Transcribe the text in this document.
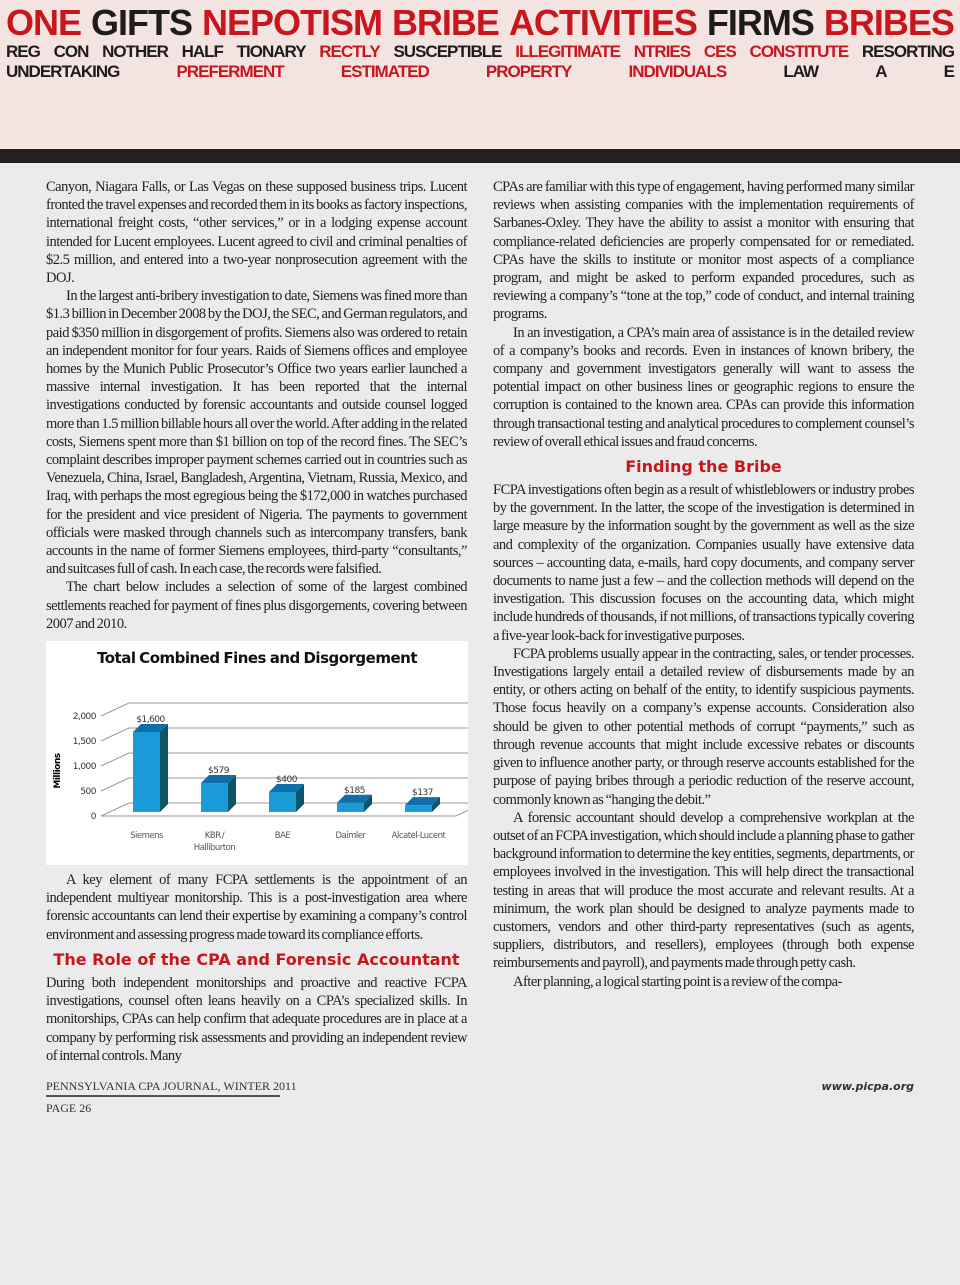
ONE GIFTS NEPOTISM BRIBE ACTIVITIES FIRMS BRIBES
REG CON NOTHER HALF TIONARY RECTLY SUSCEPTIBLE ILLEGITIMATE NTRIES CES CONSTITUTE RESORTING
UNDERTAKING	PREFERMENT	ESTIMATED	PROPERTY	INDIVIDUALS	LAW	A	E

Canyon, Niagara Falls, or Las Vegas on these supposed business trips. Lucent fronted the travel expenses and recorded them in its books as factory inspections, international freight costs, “other services,” or in a lodging expense account intended for Lucent employees. Lucent agreed to civil and criminal penalties of $2.5 million, and entered into a two-year nonprosecution agreement with the DOJ.

In the largest anti-bribery investigation to date, Siemens was fined more than $1.3 billion in December 2008 by the DOJ, the SEC, and German regulators, and paid $350 million in disgorgement of profits. Siemens also was ordered to retain an independent monitor for four years. Raids of Siemens offices and employee homes by the Munich Public Prosecutor’s Office two years earlier launched a massive internal investigation. It has been reported that the internal investigations conducted by forensic accountants and outside counsel logged more than 1.5 million billable hours all over the world. After adding in the related costs, Siemens spent more than $1 billion on top of the record fines. The SEC’s complaint describes improper payment schemes carried out in countries such as Venezuela, China, Israel, Bangladesh, Argentina, Vietnam, Russia, Mexico, and Iraq, with perhaps the most egregious being the $172,000 in watches purchased for the president and vice president of Nigeria. The payments to government officials were masked through channels such as intercompany transfers, bank accounts in the name of former Siemens employees, third-party “consultants,” and suitcases full of cash. In each case, the records were falsified.

The chart below includes a selection of some of the largest combined settlements reached for payment of fines plus disgorgements, covering between 2007 and 2010.

Total Combined Fines and Disgorgement
0
500
1,000
1,500
2,000
Millions
$1,600
Siemens
$579
KBR /
Halliburton
$400
BAE
$185
Daimler
$137
Alcatel-Lucent

A key element of many FCPA settlements is the appointment of an independent multiyear monitorship. This is a post-investigation area where forensic accountants can lend their expertise by examining a company’s control environment and assessing progress made toward its compliance efforts.

The Role of the CPA and Forensic Accountant

During both independent monitorships and proactive and reactive FCPA investigations, counsel often leans heavily on a CPA’s specialized skills. In monitorships, CPAs can help confirm that adequate procedures are in place at a company by performing risk assessments and providing an independent review of internal controls. Many

CPAs are familiar with this type of engagement, having performed many similar reviews when assisting companies with the implementation requirements of Sarbanes-Oxley. They have the ability to assist a monitor with ensuring that compliance-related deficiencies are properly compensated for or remediated. CPAs have the skills to institute or monitor most aspects of a compliance program, and might be asked to perform expanded procedures, such as reviewing a company’s “tone at the top,” code of conduct, and internal training programs.

In an investigation, a CPA’s main area of assistance is in the detailed review of a company’s books and records. Even in instances of known bribery, the company and government investigators generally will want to assess the potential impact on other business lines or geographic regions to ensure the corruption is contained to the known area. CPAs can provide this information through transactional testing and analytical procedures to complement counsel’s review of overall ethical issues and fraud concerns.

Finding the Bribe

FCPA investigations often begin as a result of whistleblowers or industry probes by the government. In the latter, the scope of the investigation is determined in large measure by the information sought by the government as well as the size and complexity of the organization. Companies usually have extensive data sources – accounting data, e-mails, hard copy documents, and company server documents to name just a few – and the collection methods will depend on the investigation. This discussion focuses on the accounting data, which might include hundreds of thousands, if not millions, of transactions typically covering a five-year look-back for investigative purposes.

FCPA problems usually appear in the contracting, sales, or tender processes. Investigations largely entail a detailed review of disbursements made by an entity, or others acting on behalf of the entity, to identify suspicious payments. Those focus heavily on a company’s expense accounts. Consideration also should be given to other potential methods of corrupt “payments,” such as through revenue accounts that might include excessive rebates or discounts given to influence another party, or through reserve accounts established for the purpose of paying bribes through a periodic reduction of the reserve account, commonly known as “hanging the debit.”

A forensic accountant should develop a comprehensive workplan at the outset of an FCPA investigation, which should include a planning phase to gather background information to determine the key entities, segments, departments, or employees involved in the investigation. This will help direct the transactional testing in areas that will produce the most accurate and relevant results. At a minimum, the work plan should be designed to analyze payments made to customers, vendors and other third-party representatives (such as agents, suppliers, distributors, and resellers), employees (through both expense reimbursements and payroll), and payments made through petty cash.

After planning, a logical starting point is a review of the compa-

PENNSYLVANIA CPA JOURNAL, WINTER 2011
PAGE 26
www.picpa.org
